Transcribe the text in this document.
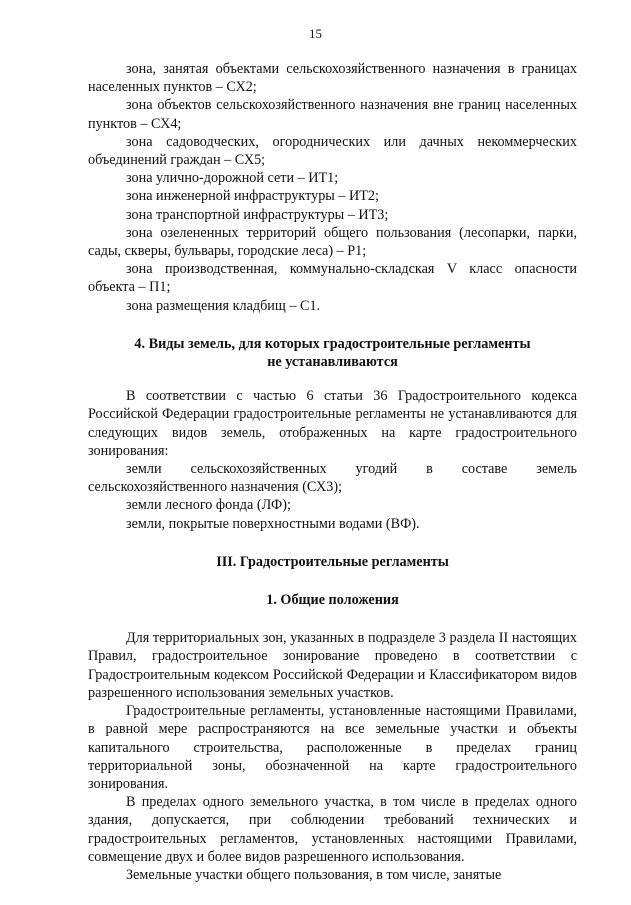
15

зона, занятая объектами сельскохозяйственного назначения в границах населенных пунктов – СХ2;

зона объектов сельскохозяйственного назначения вне границ населенных пунктов – СХ4;

зона садоводческих, огороднических или дачных некоммерческих объединений граждан – СХ5;

зона улично-дорожной сети – ИТ1;

зона инженерной инфраструктуры – ИТ2;

зона транспортной инфраструктуры – ИТ3;

зона озелененных территорий общего пользования (лесопарки, парки, сады, скверы, бульвары, городские леса) – Р1;

зона производственная, коммунально-складская V класс опасности объекта – П1;

зона размещения кладбищ – С1.

4. Виды земель, для которых градостроительные регламенты

не устанавливаются

В соответствии с частью 6 статьи 36 Градостроительного кодекса Российской Федерации градостроительные регламенты не устанавливаются для следующих видов земель, отображенных на карте градостроительного зонирования:

земли сельскохозяйственных угодий в составе земель сельскохозяйственного назначения (СХ3);

земли лесного фонда (ЛФ);

земли, покрытые поверхностными водами (ВФ).

III. Градостроительные регламенты

1. Общие положения

Для территориальных зон, указанных в подразделе 3 раздела II настоящих Правил, градостроительное зонирование проведено в соответствии с Градостроительным кодексом Российской Федерации и Классификатором видов разрешенного использования земельных участков.

Градостроительные регламенты, установленные настоящими Правилами, в равной мере распространяются на все земельные участки и объекты капитального строительства, расположенные в пределах границ территориальной зоны, обозначенной на карте градостроительного зонирования.

В пределах одного земельного участка, в том числе в пределах одного здания, допускается, при соблюдении требований технических и градостроительных регламентов, установленных настоящими Правилами, совмещение двух и более видов разрешенного использования.

Земельные участки общего пользования, в том числе, занятые
